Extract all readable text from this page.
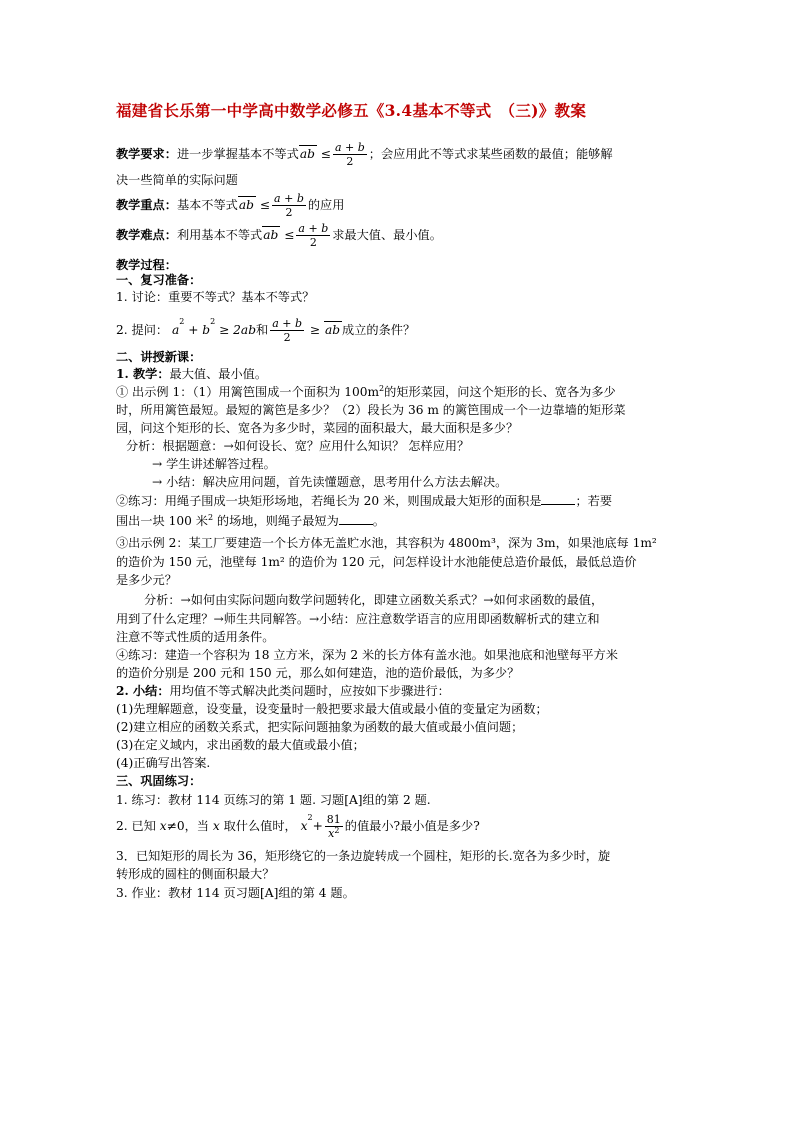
福建省长乐第一中学高中数学必修五《3.4基本不等式　（三)》教案
教学要求：进一步掌握基本不等式ab ≤ $\frac{a + b}{2}$ ；会应用此不等式求某些函数的最值；能够解
决一些简单的实际问题
教学重点：基本不等式ab ≤ $\frac{a + b}{2}$ 的应用
教学难点：利用基本不等式ab ≤ $\frac{a + b}{2}$ 求最大值、最小值。
教学过程：
一、复习准备：
1. 讨论：重要不等式？基本不等式？
2. 提问： $a^2 + b^2 \ge 2ab$和 $\frac{a + b}{2}$ ≥ ab 成立的条件？
二、讲授新课：
1. 教学：最大值、最小值。
① 出示例 1：（1）用篱笆围成一个面积为 $100m^2$的矩形菜园，问这个矩形的长、宽各为多少
时，所用篱笆最短。最短的篱笆是多少？（2）段长为 36 m 的篱笆围成一个一边靠墙的矩形菜
园，问这个矩形的长、宽各为多少时，菜园的面积最大，最大面积是多少？
分析：根据题意：→如何设长、宽？应用什么知识？ 怎样应用？
→ 学生讲述解答过程。
→ 小结：解决应用问题，首先读懂题意，思考用什么方法去解决。
②练习：用绳子围成一块矩形场地，若绳长为 20 米，则围成最大矩形的面积是	；若要
围出一块 100 米$^2$ 的场地，则绳子最短为	。
③出示例 2：某工厂要建造一个长方体无盖贮水池，其容积为 4800m³，深为 3m，如果池底每 1m²
的造价为 150 元，池壁每 1m² 的造价为 120 元，问怎样设计水池能使总造价最低，最低总造价
是多少元？
分析：→如何由实际问题向数学问题转化，即建立函数关系式？→如何求函数的最值，
用到了什么定理？→师生共同解答。→小结：应注意数学语言的应用即函数解析式的建立和
注意不等式性质的适用条件。
④练习：建造一个容积为 18 立方米，深为 2 米的长方体有盖水池。如果池底和池壁每平方米
的造价分别是 200 元和 150 元，那么如何建造，池的造价最低，为多少？
2. 小结：用均值不等式解决此类问题时，应按如下步骤进行：
(1)先理解题意，设变量，设变量时一般把要求最大值或最小值的变量定为函数；
(2)建立相应的函数关系式，把实际问题抽象为函数的最大值或最小值问题；
(3)在定义域内，求出函数的最大值或最小值；
(4)正确写出答案.
三、巩固练习：
1. 练习：教材 114 页练习的第 1 题. 习题[A]组的第 2 题.
2. 已知 x≠0，当 x 取什么值时， $x^2+ \frac{81}{x^2}$ 的值最小?最小值是多少?
3．已知矩形的周长为 36，矩形绕它的一条边旋转成一个圆柱，矩形的长.宽各为多少时，旋
转形成的圆柱的侧面积最大？
3. 作业：教材 114 页习题[A]组的第 4 题。
